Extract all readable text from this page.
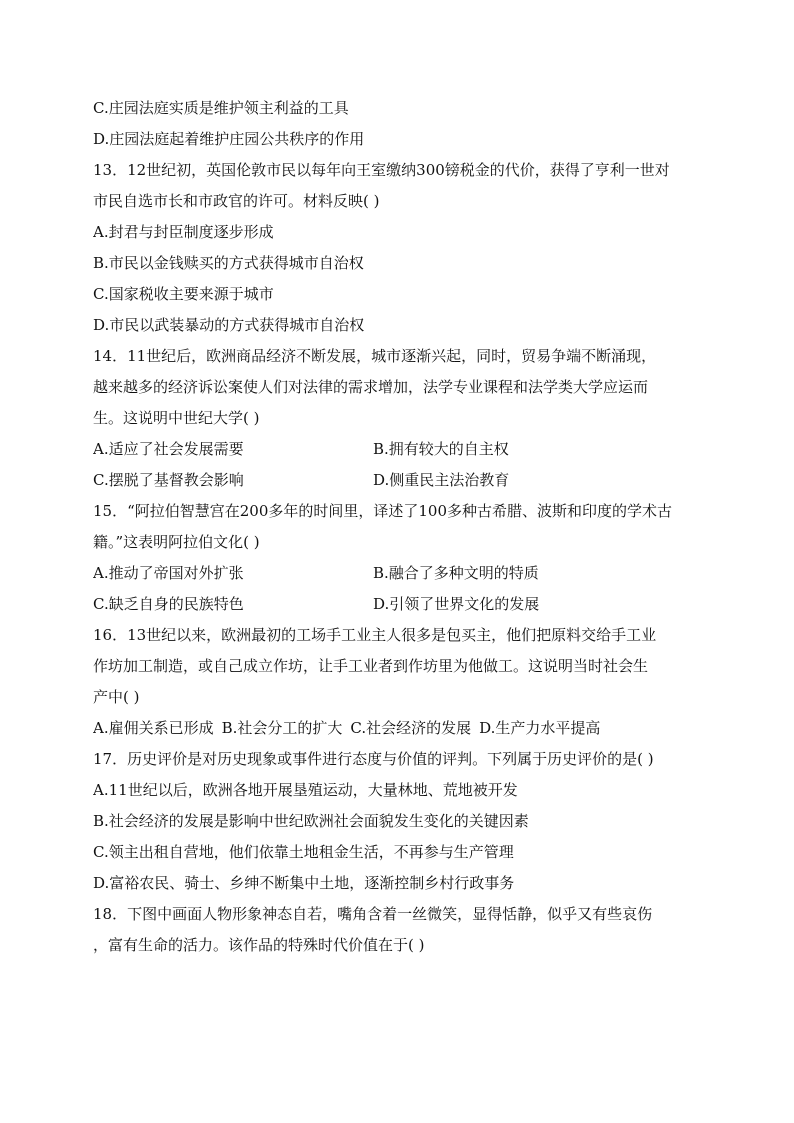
C.庄园法庭实质是维护领主利益的工具
D.庄园法庭起着维护庄园公共秩序的作用
13．12世纪初，英国伦敦市民以每年向王室缴纳300镑税金的代价，获得了亨利一世对
市民自选市长和市政官的许可。材料反映( )
A.封君与封臣制度逐步形成
B.市民以金钱赎买的方式获得城市自治权
C.国家税收主要来源于城市
D.市民以武装暴动的方式获得城市自治权
14．11世纪后，欧洲商品经济不断发展，城市逐渐兴起，同时，贸易争端不断涌现，
越来越多的经济诉讼案使人们对法律的需求增加，法学专业课程和法学类大学应运而
生。这说明中世纪大学( )
A.适应了社会发展需要	B.拥有较大的自主权
C.摆脱了基督教会影响	D.侧重民主法治教育
15．“阿拉伯智慧宫在200多年的时间里，译述了100多种古希腊、波斯和印度的学术古
籍。”这表明阿拉伯文化( )
A.推动了帝国对外扩张	B.融合了多种文明的特质
C.缺乏自身的民族特色	D.引领了世界文化的发展
16．13世纪以来，欧洲最初的工场手工业主人很多是包买主，他们把原料交给手工业
作坊加工制造，或自己成立作坊，让手工业者到作坊里为他做工。这说明当时社会生
产中( )
A.雇佣关系已形成 B.社会分工的扩大 C.社会经济的发展 D.生产力水平提高
17．历史评价是对历史现象或事件进行态度与价值的评判。下列属于历史评价的是( )
A.11世纪以后，欧洲各地开展垦殖运动，大量林地、荒地被开发
B.社会经济的发展是影响中世纪欧洲社会面貌发生变化的关键因素
C.领主出租自营地，他们依靠土地租金生活，不再参与生产管理
D.富裕农民、骑士、乡绅不断集中土地，逐渐控制乡村行政事务
18．下图中画面人物形象神态自若，嘴角含着一丝微笑，显得恬静，似乎又有些哀伤
，富有生命的活力。该作品的特殊时代价值在于( )
